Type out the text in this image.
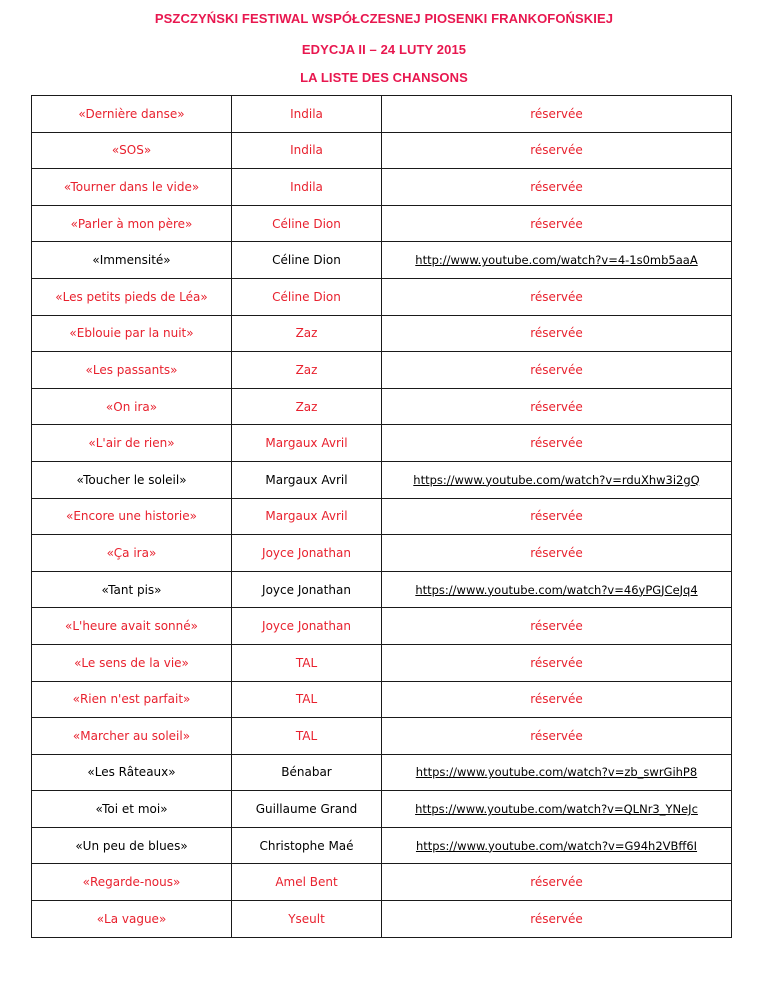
PSZCZYŃSKI FESTIWAL WSPÓŁCZESNEJ PIOSENKI FRANKOFOŃSKIEJ
EDYCJA II – 24 LUTY 2015
LA LISTE DES CHANSONS
«Dernière danse»	Indila	réservée
«SOS»	Indila	réservée
«Tourner dans le vide»	Indila	réservée
«Parler à mon père»	Céline Dion	réservée
«Immensité»	Céline Dion	http://www.youtube.com/watch?v=4-1s0mb5aaA
«Les petits pieds de Léa»	Céline Dion	réservée
«Eblouie par la nuit»	Zaz	réservée
«Les passants»	Zaz	réservée
«On ira»	Zaz	réservée
«L'air de rien»	Margaux Avril	réservée
«Toucher le soleil»	Margaux Avril	https://www.youtube.com/watch?v=rduXhw3i2gQ
«Encore une historie»	Margaux Avril	réservée
«Ça ira»	Joyce Jonathan	réservée
«Tant pis»	Joyce Jonathan	https://www.youtube.com/watch?v=46yPGJCeJq4
«L'heure avait sonné»	Joyce Jonathan	réservée
«Le sens de la vie»	TAL	réservée
«Rien n'est parfait»	TAL	réservée
«Marcher au soleil»	TAL	réservée
«Les Râteaux»	Bénabar	https://www.youtube.com/watch?v=zb_swrGihP8
«Toi et moi»	Guillaume Grand	https://www.youtube.com/watch?v=QLNr3_YNeJc
«Un peu de blues»	Christophe Maé	https://www.youtube.com/watch?v=G94h2VBff6I
«Regarde-nous»	Amel Bent	réservée
«La vague»	Yseult	réservée
